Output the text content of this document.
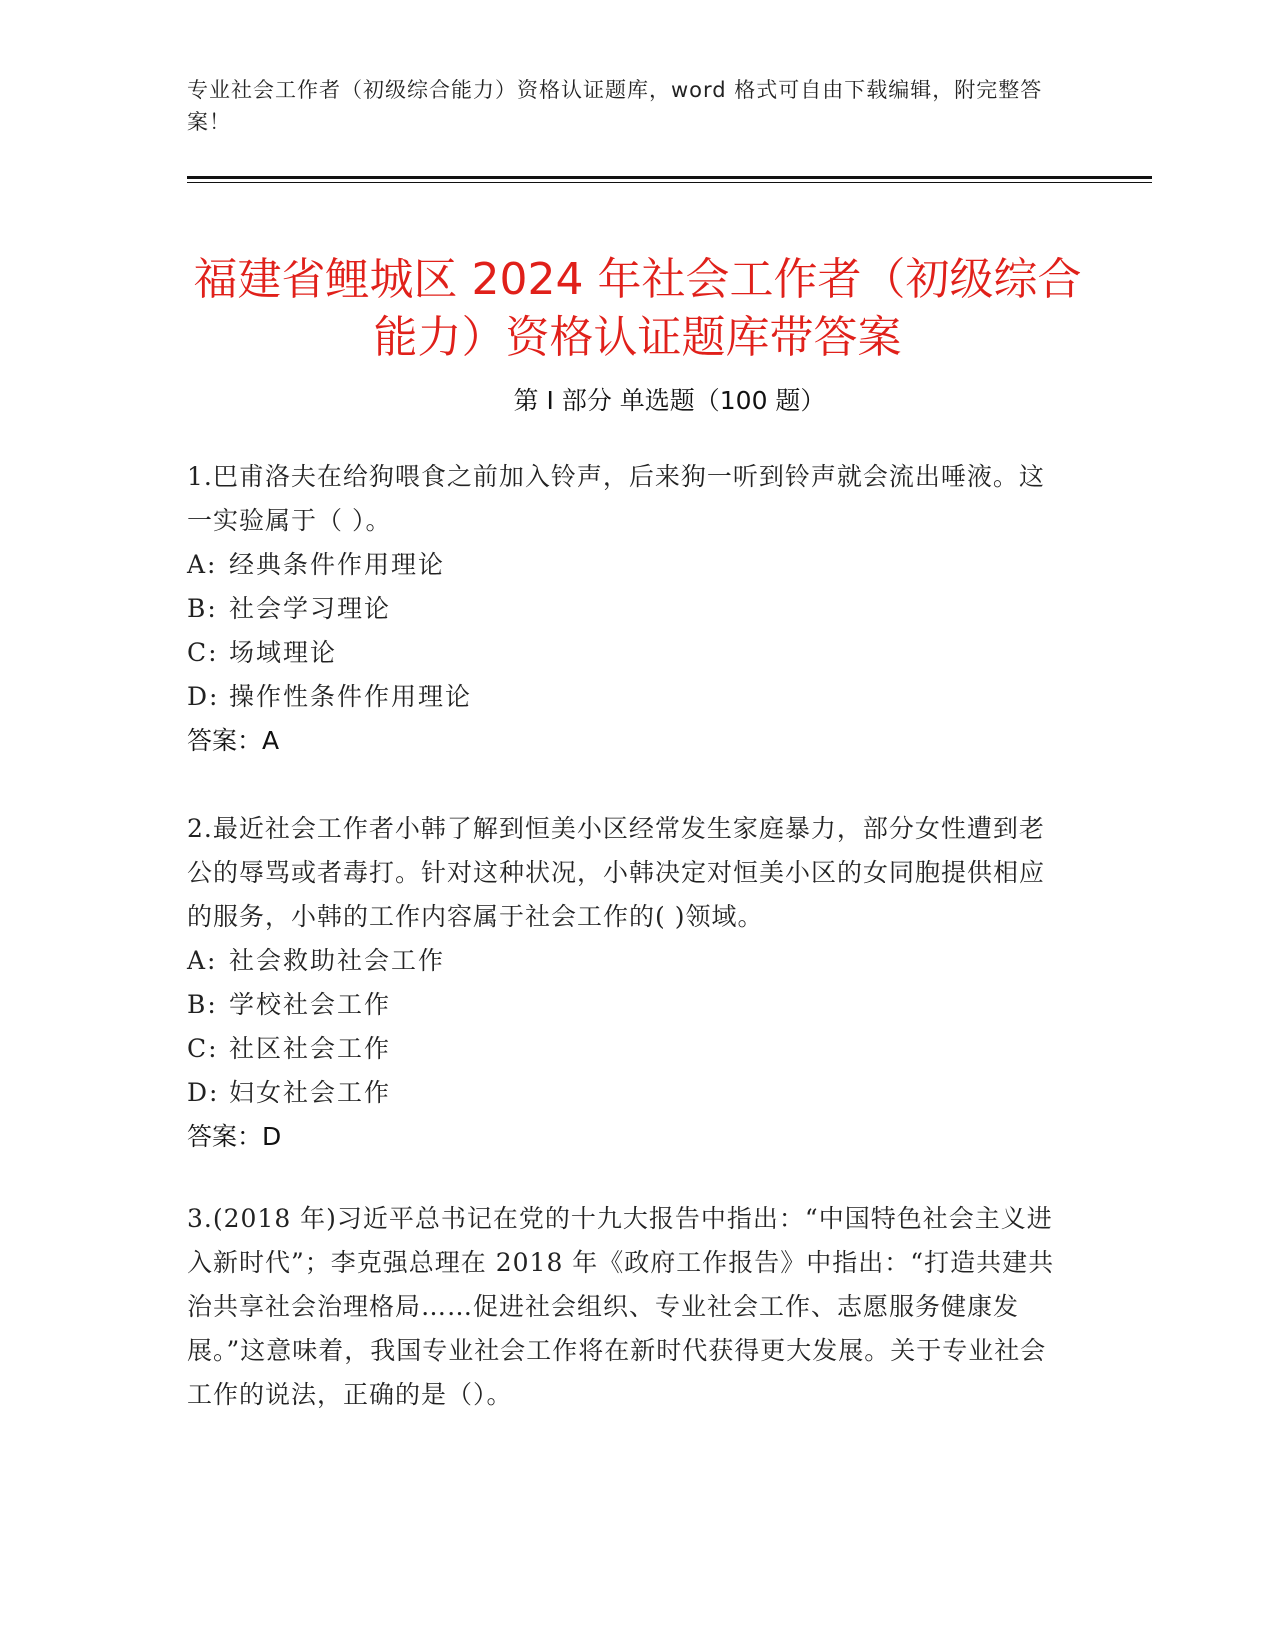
专业社会工作者（初级综合能力）资格认证题库，word 格式可自由下载编辑，附完整答案！
福建省鲤城区 2024 年社会工作者（初级综合能力）资格认证题库带答案
第 I 部分 单选题（100 题）

1.巴甫洛夫在给狗喂食之前加入铃声，后来狗一听到铃声就会流出唾液。这一实验属于（ ）。

A: 经典条件作用理论

B: 社会学习理论

C: 场域理论

D: 操作性条件作用理论

答案：A

2.最近社会工作者小韩了解到恒美小区经常发生家庭暴力，部分女性遭到老公的辱骂或者毒打。针对这种状况，小韩决定对恒美小区的女同胞提供相应的服务，小韩的工作内容属于社会工作的( )领域。

A: 社会救助社会工作

B: 学校社会工作

C: 社区社会工作

D: 妇女社会工作

答案：D

3.(2018 年)习近平总书记在党的十九大报告中指出：“中国特色社会主义进入新时代”；李克强总理在 2018 年《政府工作报告》中指出：“打造共建共治共享社会治理格局……促进社会组织、专业社会工作、志愿服务健康发展。”这意味着，我国专业社会工作将在新时代获得更大发展。关于专业社会工作的说法，正确的是（）。
